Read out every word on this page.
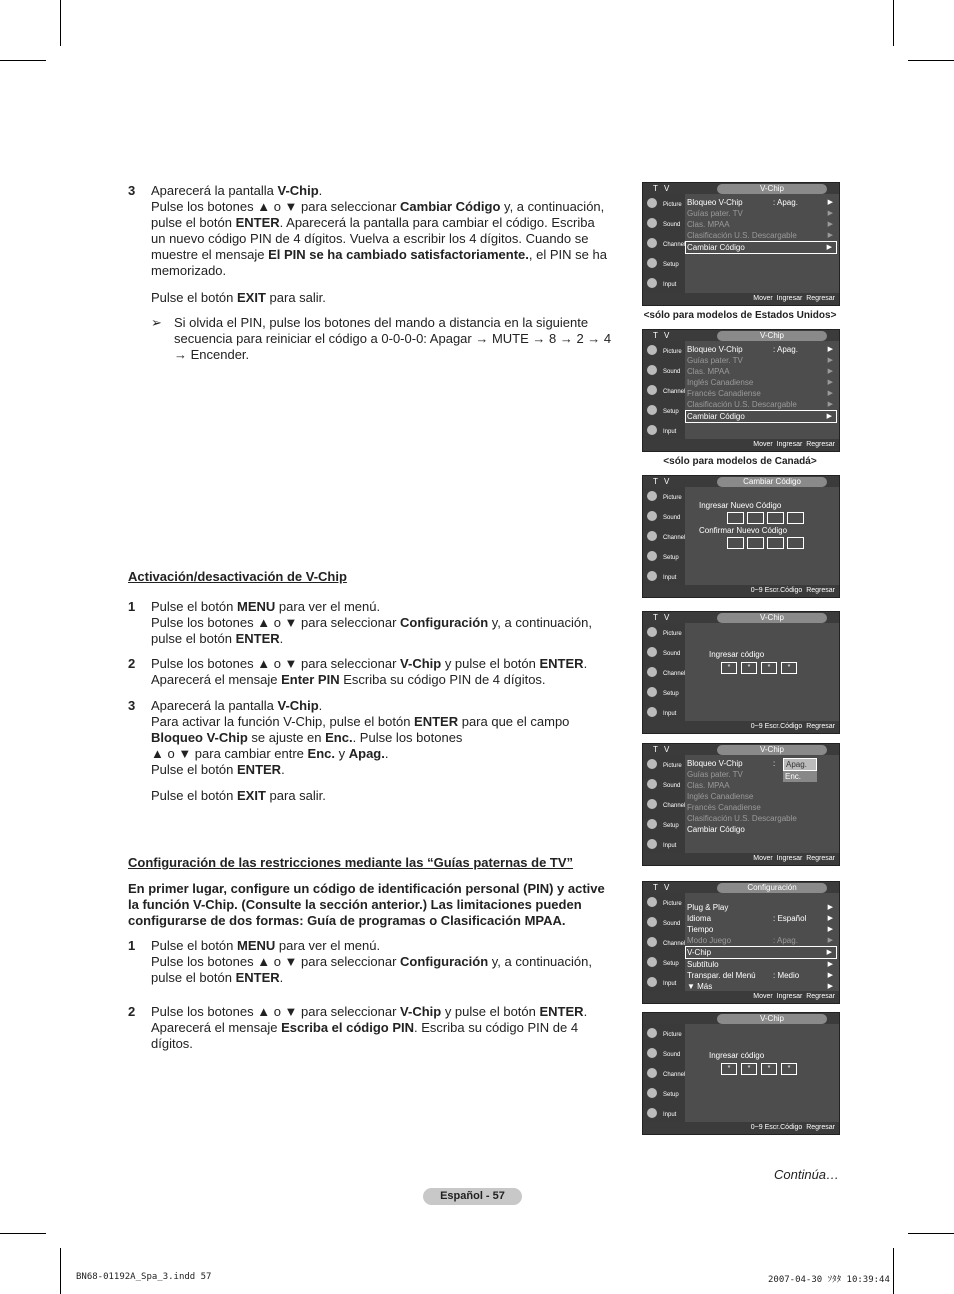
3 Aparecerá la pantalla V-Chip.
Pulse los botones ▲ o ▼ para seleccionar Cambiar Código y, a continuación,
pulse el botón ENTER. Aparecerá la pantalla para cambiar el código. Escriba
un nuevo código PIN de 4 dígitos. Vuelva a escribir los 4 dígitos. Cuando se
muestre el mensaje El PIN se ha cambiado satisfactoriamente., el PIN se ha
memorizado.
Pulse el botón EXIT para salir.
➢ Si olvida el PIN, pulse los botones del mando a distancia en la siguiente
secuencia para reiniciar el código a 0-0-0-0: Apagar → MUTE → 8 → 2 → 4
→ Encender.
Activación/desactivación de V-Chip
1 Pulse el botón MENU para ver el menú.
Pulse los botones ▲ o ▼ para seleccionar Configuración y, a continuación,
pulse el botón ENTER.
2 Pulse los botones ▲ o ▼ para seleccionar V-Chip y pulse el botón ENTER.
Aparecerá el mensaje Enter PIN Escriba su código PIN de 4 dígitos.
3 Aparecerá la pantalla V-Chip.
Para activar la función V-Chip, pulse el botón ENTER para que el campo
Bloqueo V-Chip se ajuste en Enc.. Pulse los botones
▲ o ▼ para cambiar entre Enc. y Apag..
Pulse el botón ENTER.
Pulse el botón EXIT para salir.
Configuración de las restricciones mediante las “Guías paternas de TV”
En primer lugar, configure un código de identificación personal (PIN) y active la función V-Chip. (Consulte la sección anterior.) Las limitaciones pueden configurarse de dos formas: Guía de programas o Clasificación MPAA.
1 Pulse el botón MENU para ver el menú.
Pulse los botones ▲ o ▼ para seleccionar Configuración y, a continuación,
pulse el botón ENTER.
2 Pulse los botones ▲ o ▼ para seleccionar V-Chip y pulse el botón ENTER.
Aparecerá el mensaje Escriba el código PIN. Escriba su código PIN de 4
dígitos.
T V	V-Chip
Picture
Sound
Channel
Setup
Input
Bloqueo V-Chip	: Apag.	▶
Guías pater. TV	▶
Clas. MPAA	▶
Clasificación U.S. Descargable	▶
Cambiar Código	▶
Mover Ingresar Regresar
<sólo para modelos de Estados Unidos>
T V	V-Chip
Picture
Sound
Channel
Setup
Input
Bloqueo V-Chip	: Apag.	▶
Guías pater. TV	▶
Clas. MPAA	▶
Inglés Canadiense	▶
Francés Canadiense	▶
Clasificación U.S. Descargable	▶
Cambiar Código	▶
Mover Ingresar Regresar
<sólo para modelos de Canadá>
T V	Cambiar Código
Picture
Sound
Channel
Setup
Input
Ingresar Nuevo Código
Confirmar Nuevo Código
0~9 Escr.Código Regresar
T V	V-Chip
Picture
Sound
Channel
Setup
Input
Ingresar código
* * * *
0~9 Escr.Código Regresar
T V	V-Chip
Picture
Sound
Channel
Setup
Input
Bloqueo V-Chip	:
Guías pater. TV
Clas. MPAA
Inglés Canadiense
Francés Canadiense
Clasificación U.S. Descargable
Cambiar Código
Apag.
Enc.
Mover Ingresar Regresar
T V	Configuración
Picture
Sound
Channel
Setup
Input
Plug & Play	▶
Idioma	: Español	▶
Tiempo	▶
Modo Juego	: Apag.	▶
V-Chip	▶
Subtítulo	▶
Transpar. del Menú : Medio	▶
▼ Más	▶
Mover Ingresar Regresar
V-Chip
Picture
Sound
Channel
Setup
Input
Ingresar código
* * * *
0~9 Escr.Código Regresar
Continúa…
Español - 57
BN68-01192A_Spa_3.indd 57	2007-04-30 ｿﾀﾀ 10:39:44
